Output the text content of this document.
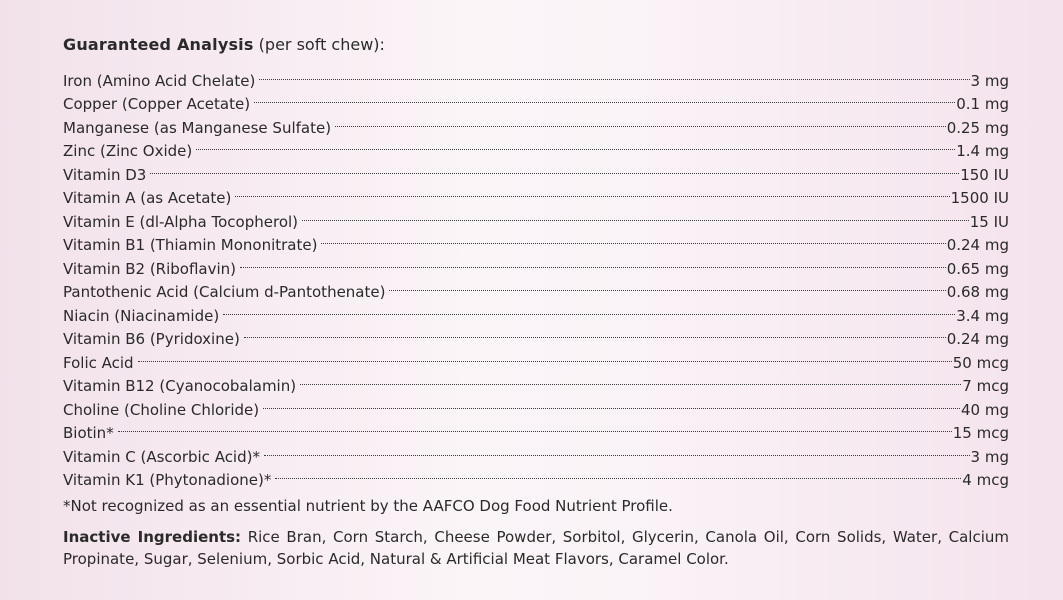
Guaranteed Analysis (per soft chew):
Iron (Amino Acid Chelate)	3 mg
Copper (Copper Acetate)	0.1 mg
Manganese (as Manganese Sulfate)	0.25 mg
Zinc (Zinc Oxide)	1.4 mg
Vitamin D3	150 IU
Vitamin A (as Acetate)	1500 IU
Vitamin E (dl-Alpha Tocopherol)	15 IU
Vitamin B1 (Thiamin Mononitrate)	0.24 mg
Vitamin B2 (Riboflavin)	0.65 mg
Pantothenic Acid (Calcium d-Pantothenate)	0.68 mg
Niacin (Niacinamide)	3.4 mg
Vitamin B6 (Pyridoxine)	0.24 mg
Folic Acid	50 mcg
Vitamin B12 (Cyanocobalamin)	7 mcg
Choline (Choline Chloride)	40 mg
Biotin*	15 mcg
Vitamin C (Ascorbic Acid)*	3 mg
Vitamin K1 (Phytonadione)*	4 mcg
*Not recognized as an essential nutrient by the AAFCO Dog Food Nutrient Profile.
Inactive Ingredients: Rice Bran, Corn Starch, Cheese Powder, Sorbitol, Glycerin, Canola Oil, Corn Solids, Water, Calcium Propinate, Sugar, Selenium, Sorbic Acid, Natural & Artificial Meat Flavors, Caramel Color.
